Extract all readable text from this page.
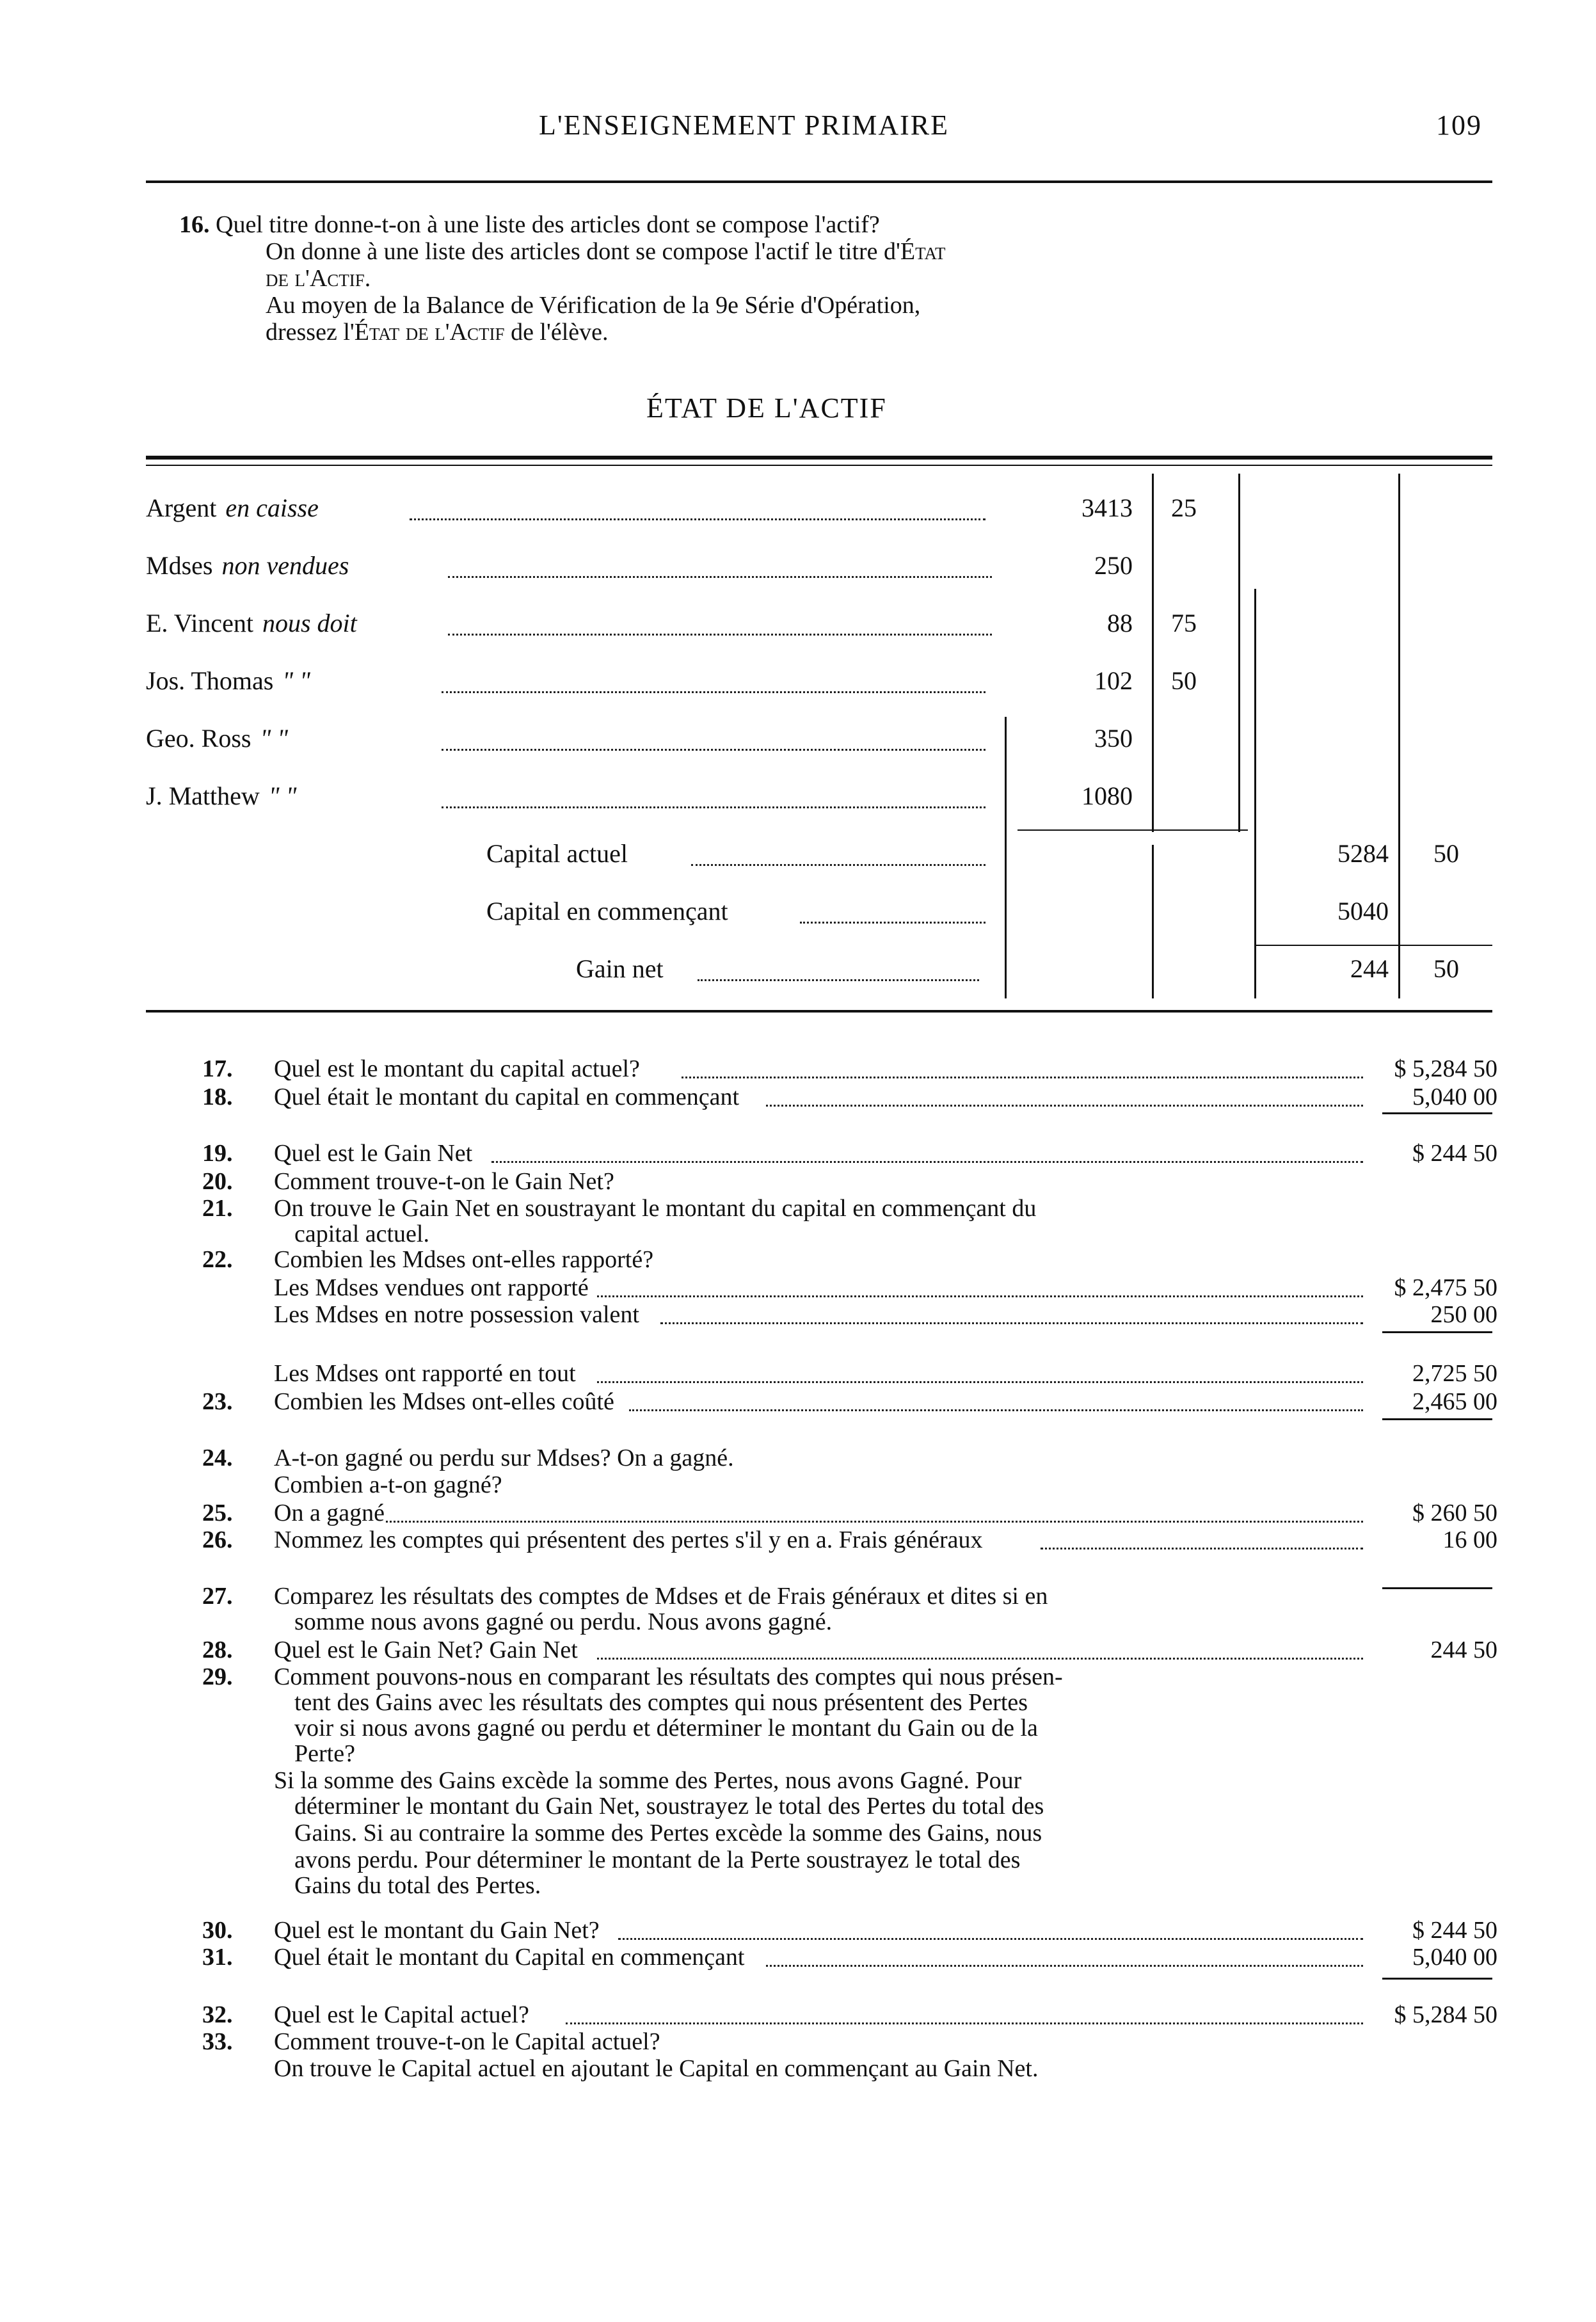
L'ENSEIGNEMENT PRIMAIRE	109
16. Quel titre donne-t-on à une liste des articles dont se compose l'actif?
On donne à une liste des articles dont se compose l'actif le titre d'État
de l'Actif.
Au moyen de la Balance de Vérification de la 9e Série d'Opération,
dressez l'État de l'Actif de l'élève.
ÉTAT DE L'ACTIF
Argent en caisse	3413 25
Mdses non vendues	250
E. Vincent nous doit	88 75
Jos. Thomas " "	102 50
Geo. Ross " "	350
J. Matthew " "	1080
Capital actuel	5284 50
Capital en commençant	5040
Gain net	244 50
17. Quel est le montant du capital actuel?	$ 5,284 50
18. Quel était le montant du capital en commençant	5,040 00
19. Quel est le Gain Net	$ 244 50
20. Comment trouve-t-on le Gain Net?
21. On trouve le Gain Net en soustrayant le montant du capital en commençant du
capital actuel.
22. Combien les Mdses ont-elles rapporté?
Les Mdses vendues ont rapporté	$ 2,475 50
Les Mdses en notre possession valent	250 00
Les Mdses ont rapporté en tout	2,725 50
23. Combien les Mdses ont-elles coûté	2,465 00
24. A-t-on gagné ou perdu sur Mdses? On a gagné.
Combien a-t-on gagné?
25. On a gagné	$ 260 50
26. Nommez les comptes qui présentent des pertes s'il y en a. Frais généraux	16 00
27. Comparez les résultats des comptes de Mdses et de Frais généraux et dites si en
somme nous avons gagné ou perdu. Nous avons gagné.
28. Quel est le Gain Net? Gain Net	244 50
29. Comment pouvons-nous en comparant les résultats des comptes qui nous présen-
tent des Gains avec les résultats des comptes qui nous présentent des Pertes
voir si nous avons gagné ou perdu et déterminer le montant du Gain ou de la
Perte?
Si la somme des Gains excède la somme des Pertes, nous avons Gagné. Pour
déterminer le montant du Gain Net, soustrayez le total des Pertes du total des
Gains. Si au contraire la somme des Pertes excède la somme des Gains, nous
avons perdu. Pour déterminer le montant de la Perte soustrayez le total des
Gains du total des Pertes.
30. Quel est le montant du Gain Net?	$ 244 50
31. Quel était le montant du Capital en commençant	5,040 00
32. Quel est le Capital actuel?	$ 5,284 50
33. Comment trouve-t-on le Capital actuel?
On trouve le Capital actuel en ajoutant le Capital en commençant au Gain Net.
